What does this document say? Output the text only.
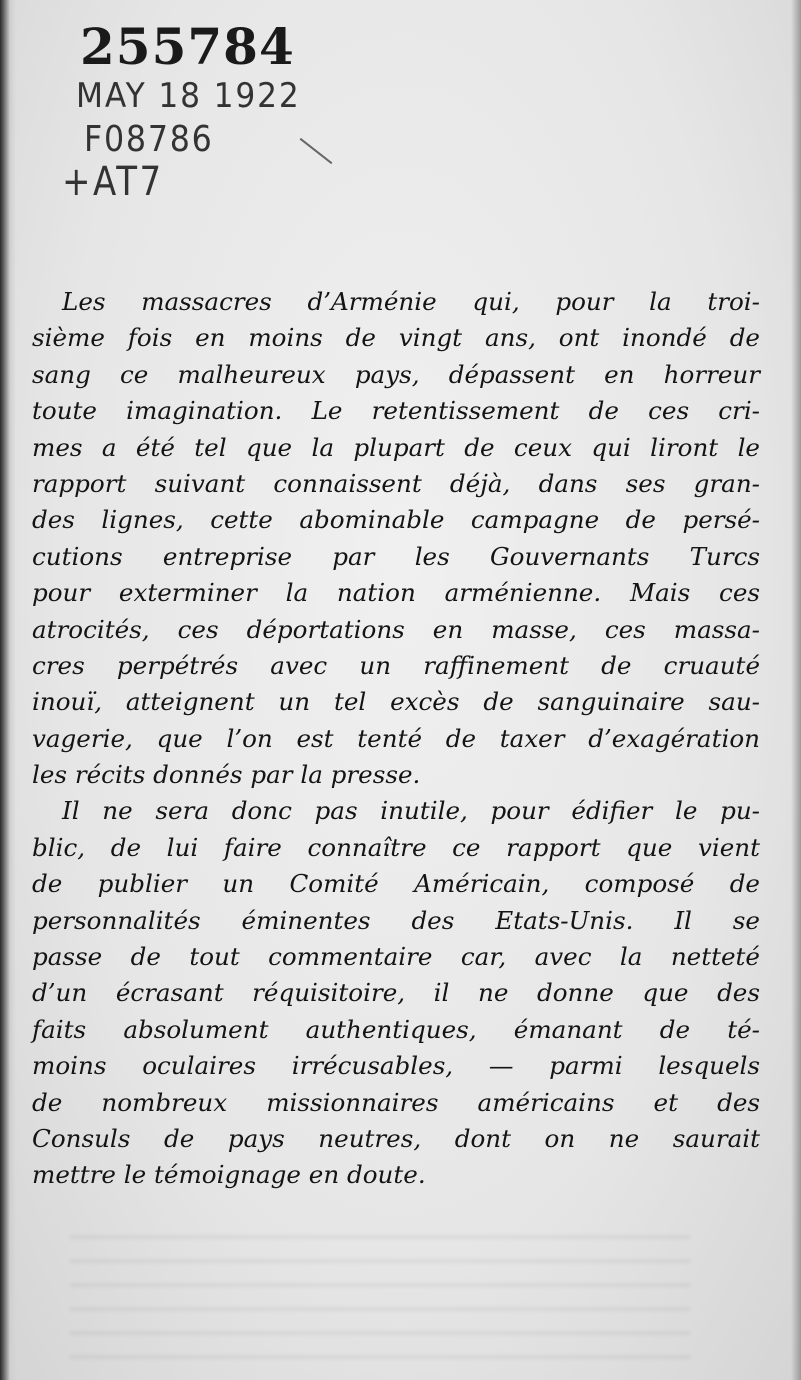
255784
MAY 18 1922
F08786
+AT7
Les massacres d’Arménie qui, pour la troi-
sième fois en moins de vingt ans, ont inondé de
sang ce malheureux pays, dépassent en horreur
toute imagination. Le retentissement de ces cri-
mes a été tel que la plupart de ceux qui liront le
rapport suivant connaissent déjà, dans ses gran-
des lignes, cette abominable campagne de persé-
cutions entreprise par les Gouvernants Turcs
pour exterminer la nation arménienne. Mais ces
atrocités, ces déportations en masse, ces massa-
cres perpétrés avec un raffinement de cruauté
inouï, atteignent un tel excès de sanguinaire sau-
vagerie, que l’on est tenté de taxer d’exagération
les récits donnés par la presse.
Il ne sera donc pas inutile, pour édifier le pu-
blic, de lui faire connaître ce rapport que vient
de publier un Comité Américain, composé de
personnalités éminentes des Etats-Unis. Il se
passe de tout commentaire car, avec la netteté
d’un écrasant réquisitoire, il ne donne que des
faits absolument authentiques, émanant de té-
moins oculaires irrécusables, — parmi lesquels
de nombreux missionnaires américains et des
Consuls de pays neutres, dont on ne saurait
mettre le témoignage en doute.
